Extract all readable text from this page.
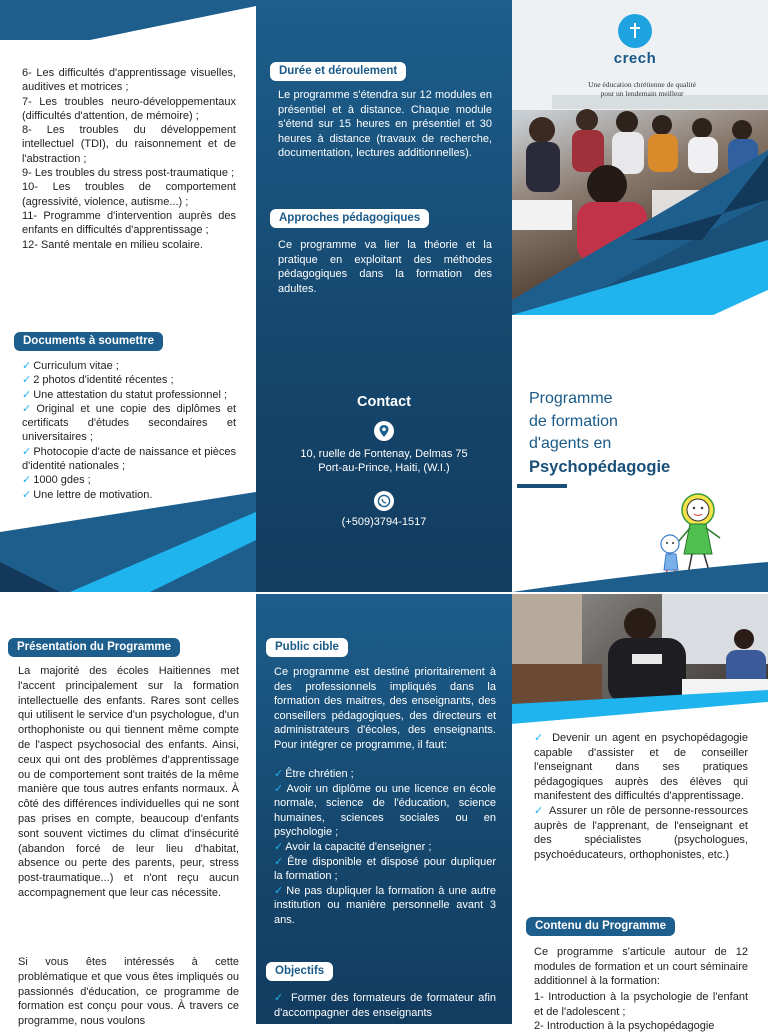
6- Les difficultés d'apprentissage visuelles, auditives et motrices ;
7- Les troubles neuro-développementaux (difficultés d'attention, de mémoire) ;
8- Les troubles du développement intellectuel (TDI), du raisonnement et de l'abstraction ;
9- Les troubles du stress post-traumatique ;
10- Les troubles de comportement (agressivité, violence, autisme...) ;
11- Programme d'intervention auprès des enfants en difficultés d'apprentissage ;
12- Santé mentale en milieu scolaire.
Documents à soumettre
✓ Curriculum vitae ;
✓ 2 photos d'identité récentes ;
✓ Une attestation du statut professionnel ;
✓ Original et une copie des diplômes et certificats d'études secondaires et universitaires ;
✓ Photocopie d'acte de naissance et pièces d'identité nationales ;
✓ 1000 gdes ;
✓ Une lettre de motivation.
Durée et déroulement

Le programme s'étendra sur 12 modules en présentiel et à distance. Chaque module s'étend sur 15 heures en présentiel et 30 heures à distance (travaux de recherche, documentation, lectures additionnelles).

Approches pédagogiques

Ce programme va lier la théorie et la pratique en exploitant des méthodes pédagogiques dans la formation des adultes.

Contact
10, ruelle de Fontenay, Delmas 75
Port-au-Prince, Haiti, (W.I.)
(+509)3794-1517
crech
Une éducation chrétienne de qualité
pour un lendemain meilleur
Programme
de formation
d'agents en
Psychopédagogie
Présentation du Programme

La majorité des écoles Haitiennes met l'accent principalement sur la formation intellectuelle des enfants. Rares sont celles qui utilisent le service d'un psychologue, d'un orthophoniste ou qui tiennent même compte de l'aspect psychosocial des enfants. Ainsi, ceux qui ont des problèmes d'apprentissage ou de comportement sont traités de la même manière que tous autres enfants normaux. À côté des différences individuelles qui ne sont pas prises en compte, beaucoup d'enfants sont souvent victimes du climat d'insécurité (abandon forcé de leur lieu d'habitat, absence ou perte des parents, peur, stress post-traumatique...) et n'ont reçu aucun accompagnement que leur cas nécessite.

Si vous êtes intéressés à cette problématique et que vous êtes impliqués ou passionnés d'éducation, ce programme de formation est conçu pour vous. À travers ce programme, nous voulons

Public cible

Ce programme est destiné prioritairement à des professionnels impliqués dans la formation des maitres, des enseignants, des conseillers pédagogiques, des directeurs et administrateurs d'écoles, des enseignants. Pour intégrer ce programme, il faut:

✓ Être chrétien ;
✓ Avoir un diplôme ou une licence en école normale, science de l'éducation, science humaines, sciences sociales ou en psychologie ;
✓ Avoir la capacité d'enseigner ;
✓ Être disponible et disposé pour dupliquer la formation ;
✓ Ne pas dupliquer la formation à une autre institution ou manière personnelle avant 3 ans.
Objectifs

✓ Former des formateurs de formateur afin d'accompagner des enseignants

✓ Devenir un agent en psychopédagogie capable d'assister et de conseiller l'enseignant dans ses pratiques pédagogiques auprès des élèves qui manifestent des difficultés d'apprentissage.
✓ Assurer un rôle de personne-ressources auprès de l'apprenant, de l'enseignant et des spécialistes (psychologues, psychoéducateurs, orthophonistes, etc.)
Contenu du Programme

Ce programme s'articule autour de 12 modules de formation et un court séminaire additionnel à la formation:

1- Introduction à la psychologie de l'enfant et de l'adolescent ;

2- Introduction à la psychopédagogie
